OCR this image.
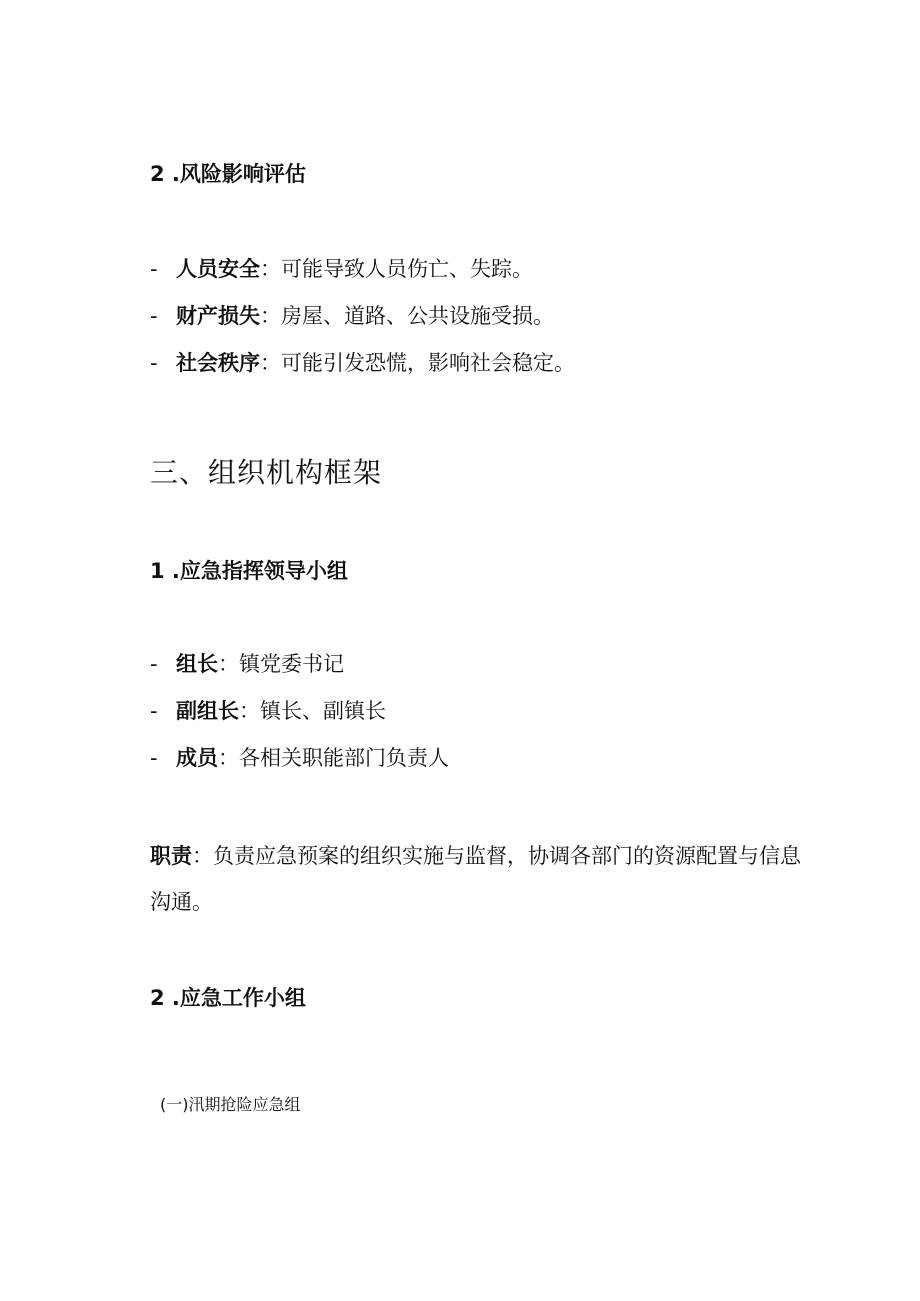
2 .风险影响评估
- 人员安全：可能导致人员伤亡、失踪。
- 财产损失：房屋、道路、公共设施受损。
- 社会秩序：可能引发恐慌，影响社会稳定。
三、组织机构框架
1 .应急指挥领导小组
- 组长：镇党委书记
- 副组长：镇长、副镇长
- 成员：各相关职能部门负责人
职责：负责应急预案的组织实施与监督，协调各部门的资源配置与信息沟通。
2 .应急工作小组
(一)汛期抢险应急组
